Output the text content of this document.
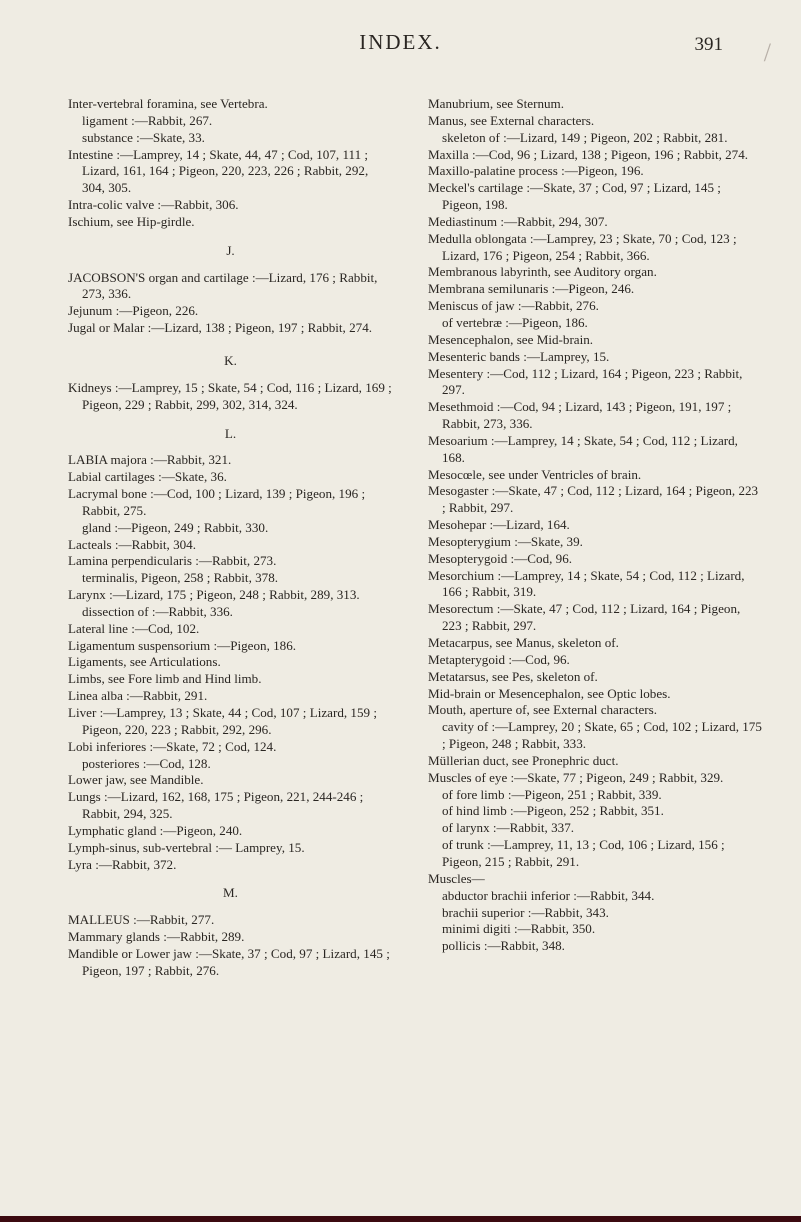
INDEX.	391 /
Inter-vertebral foramina, see Vertebra.
ligament :—Rabbit, 267.
substance :—Skate, 33.
Intestine :—Lamprey, 14 ; Skate, 44, 47 ; Cod, 107, 111 ; Lizard, 161, 164 ; Pigeon, 220, 223, 226 ; Rabbit, 292, 304, 305.
Intra-colic valve :—Rabbit, 306.
Ischium, see Hip-girdle.
J.
JACOBSON'S organ and cartilage :—Lizard, 176 ; Rabbit, 273, 336.
Jejunum :—Pigeon, 226.
Jugal or Malar :—Lizard, 138 ; Pigeon, 197 ; Rabbit, 274.
K.
Kidneys :—Lamprey, 15 ; Skate, 54 ; Cod, 116 ; Lizard, 169 ; Pigeon, 229 ; Rabbit, 299, 302, 314, 324.
L.
LABIA majora :—Rabbit, 321.
Labial cartilages :—Skate, 36.
Lacrymal bone :—Cod, 100 ; Lizard, 139 ; Pigeon, 196 ; Rabbit, 275.
gland :—Pigeon, 249 ; Rabbit, 330.
Lacteals :—Rabbit, 304.
Lamina perpendicularis :—Rabbit, 273.
terminalis, Pigeon, 258 ; Rabbit, 378.
Larynx :—Lizard, 175 ; Pigeon, 248 ; Rabbit, 289, 313.
dissection of :—Rabbit, 336.
Lateral line :—Cod, 102.
Ligamentum suspensorium :—Pigeon, 186.
Ligaments, see Articulations.
Limbs, see Fore limb and Hind limb.
Linea alba :—Rabbit, 291.
Liver :—Lamprey, 13 ; Skate, 44 ; Cod, 107 ; Lizard, 159 ; Pigeon, 220, 223 ; Rabbit, 292, 296.
Lobi inferiores :—Skate, 72 ; Cod, 124.
posteriores :—Cod, 128.
Lower jaw, see Mandible.
Lungs :—Lizard, 162, 168, 175 ; Pigeon, 221, 244-246 ; Rabbit, 294, 325.
Lymphatic gland :—Pigeon, 240.
Lymph-sinus, sub-vertebral :— Lamprey, 15.
Lyra :—Rabbit, 372.
M.
MALLEUS :—Rabbit, 277.
Mammary glands :—Rabbit, 289.
Mandible or Lower jaw :—Skate, 37 ; Cod, 97 ; Lizard, 145 ; Pigeon, 197 ; Rabbit, 276.
Manubrium, see Sternum.
Manus, see External characters.
skeleton of :—Lizard, 149 ; Pigeon, 202 ; Rabbit, 281.
Maxilla :—Cod, 96 ; Lizard, 138 ; Pigeon, 196 ; Rabbit, 274.
Maxillo-palatine process :—Pigeon, 196.
Meckel's cartilage :—Skate, 37 ; Cod, 97 ; Lizard, 145 ; Pigeon, 198.
Mediastinum :—Rabbit, 294, 307.
Medulla oblongata :—Lamprey, 23 ; Skate, 70 ; Cod, 123 ; Lizard, 176 ; Pigeon, 254 ; Rabbit, 366.
Membranous labyrinth, see Auditory organ.
Membrana semilunaris :—Pigeon, 246.
Meniscus of jaw :—Rabbit, 276.
of vertebræ :—Pigeon, 186.
Mesencephalon, see Mid-brain.
Mesenteric bands :—Lamprey, 15.
Mesentery :—Cod, 112 ; Lizard, 164 ; Pigeon, 223 ; Rabbit, 297.
Mesethmoid :—Cod, 94 ; Lizard, 143 ; Pigeon, 191, 197 ; Rabbit, 273, 336.
Mesoarium :—Lamprey, 14 ; Skate, 54 ; Cod, 112 ; Lizard, 168.
Mesocœle, see under Ventricles of brain.
Mesogaster :—Skate, 47 ; Cod, 112 ; Lizard, 164 ; Pigeon, 223 ; Rabbit, 297.
Mesohepar :—Lizard, 164.
Mesopterygium :—Skate, 39.
Mesopterygoid :—Cod, 96.
Mesorchium :—Lamprey, 14 ; Skate, 54 ; Cod, 112 ; Lizard, 166 ; Rabbit, 319.
Mesorectum :—Skate, 47 ; Cod, 112 ; Lizard, 164 ; Pigeon, 223 ; Rabbit, 297.
Metacarpus, see Manus, skeleton of.
Metapterygoid :—Cod, 96.
Metatarsus, see Pes, skeleton of.
Mid-brain or Mesencephalon, see Optic lobes.
Mouth, aperture of, see External characters.
cavity of :—Lamprey, 20 ; Skate, 65 ; Cod, 102 ; Lizard, 175 ; Pigeon, 248 ; Rabbit, 333.
Müllerian duct, see Pronephric duct.
Muscles of eye :—Skate, 77 ; Pigeon, 249 ; Rabbit, 329.
of fore limb :—Pigeon, 251 ; Rabbit, 339.
of hind limb :—Pigeon, 252 ; Rabbit, 351.
of larynx :—Rabbit, 337.
of trunk :—Lamprey, 11, 13 ; Cod, 106 ; Lizard, 156 ; Pigeon, 215 ; Rabbit, 291.
Muscles—
abductor brachii inferior :—Rabbit, 344.
brachii superior :—Rabbit, 343.
minimi digiti :—Rabbit, 350.
pollicis :—Rabbit, 348.
